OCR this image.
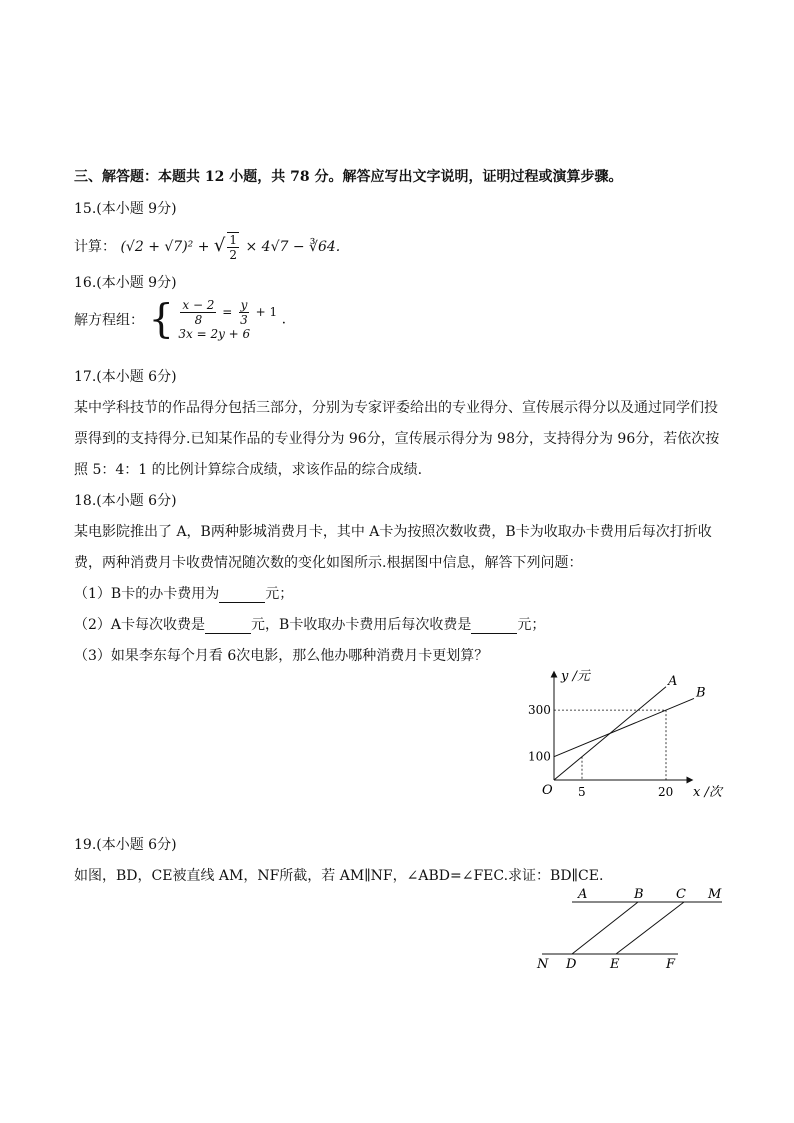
三、解答题：本题共 12 小题，共 78 分。解答应写出文字说明，证明过程或演算步骤。
15.(本小题 9分)
计算： (√2 + √7)² + √ $\frac{1}{2} \times 4√7$ − ∛64.
16.(本小题 9分)
解方程组： { $\frac{x - 2}{8} = \frac{y}{3} + 1$
3x = 2y + 6
.
17.(本小题 6分)
某中学科技节的作品得分包括三部分，分别为专家评委给出的专业得分、宣传展示得分以及通过同学们投
票得到的支持得分.已知某作品的专业得分为 96分，宣传展示得分为 98分，支持得分为 96分，若依次按
照 5：4：1 的比例计算综合成绩，求该作品的综合成绩.
18.(本小题 6分)
某电影院推出了 A，B两种影城消费月卡，其中 A卡为按照次数收费，B卡为收取办卡费用后每次打折收
费，两种消费月卡收费情况随次数的变化如图所示.根据图中信息，解答下列问题：
（1）B卡的办卡费用为	元；
（2）A卡每次收费是	元，B卡收取办卡费用后每次收费是	元；
（3）如果李东每个月看 6次电影，那么他办哪种消费月卡更划算？
A
B
y /元
x /次
O 5	20
100
300
19.(本小题 6分)
如图，BD，CE被直线 AM，NF所截，若 AM∥NF，∠ABD=∠FEC.求证：BD∥CE.
A	B C M
N D	E	F
